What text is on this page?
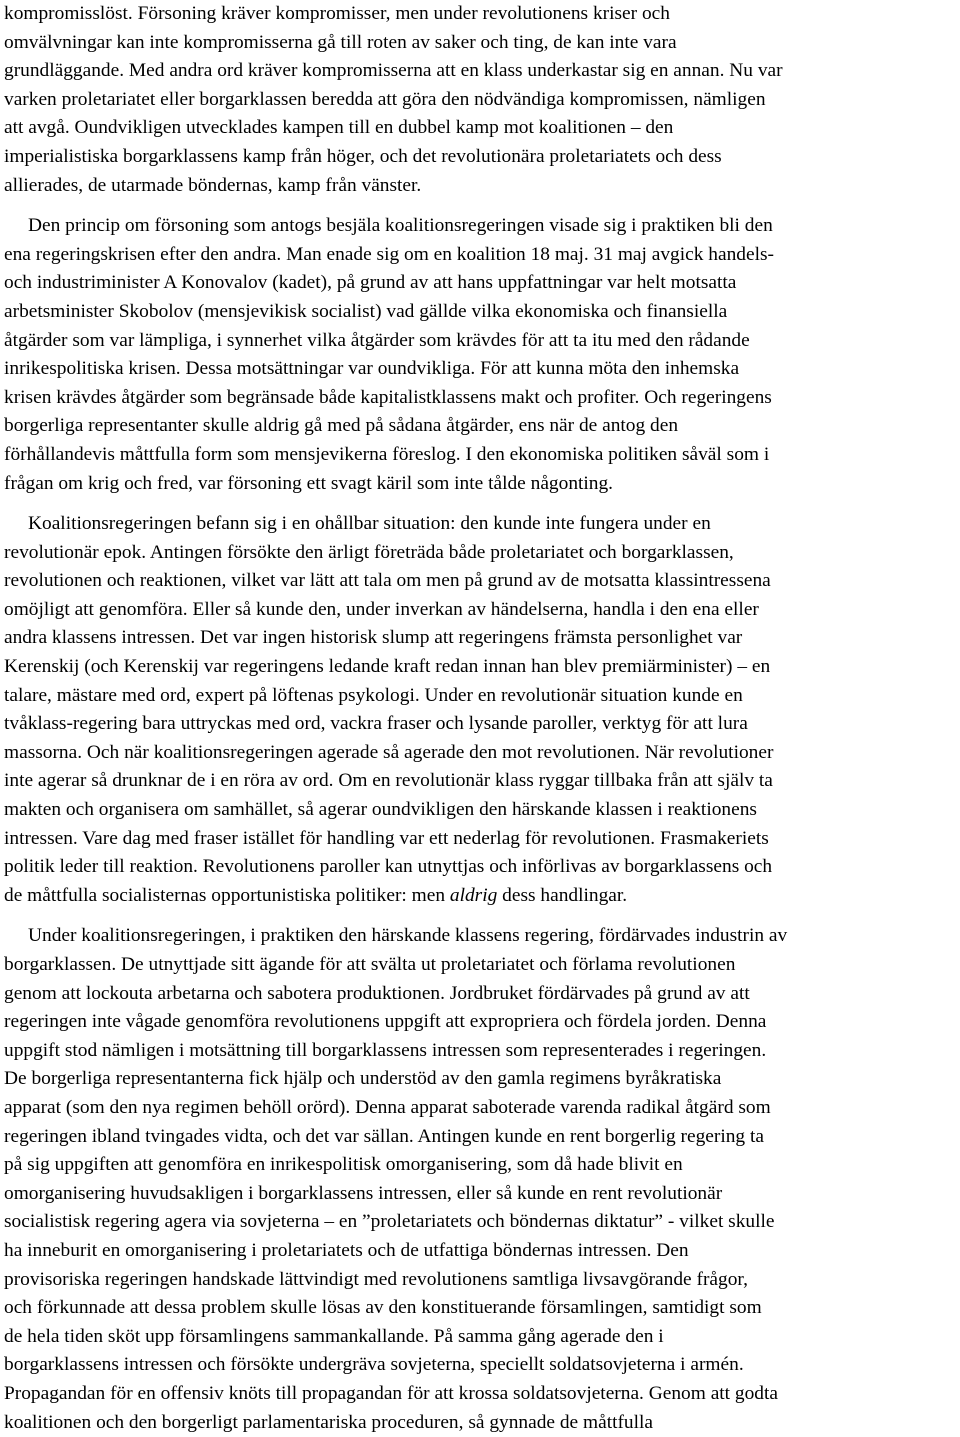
kompromisslöst. Försoning kräver kompromisser, men under revolutionens kriser och
omvälvningar kan inte kompromisserna gå till roten av saker och ting, de kan inte vara
grundläggande. Med andra ord kräver kompromisserna att en klass underkastar sig en annan. Nu var
varken proletariatet eller borgarklassen beredda att göra den nödvändiga kompromissen, nämligen
att avgå. Oundvikligen utvecklades kampen till en dubbel kamp mot koalitionen – den
imperialistiska borgarklassens kamp från höger, och det revolutionära proletariatets och dess
allierades, de utarmade böndernas, kamp från vänster.

Den princip om försoning som antogs besjäla koalitionsregeringen visade sig i praktiken bli den
ena regeringskrisen efter den andra. Man enade sig om en koalition 18 maj. 31 maj avgick handels-
och industriminister A Konovalov (kadet), på grund av att hans uppfattningar var helt motsatta
arbetsminister Skobolov (mensjevikisk socialist) vad gällde vilka ekonomiska och finansiella
åtgärder som var lämpliga, i synnerhet vilka åtgärder som krävdes för att ta itu med den rådande
inrikespolitiska krisen. Dessa motsättningar var oundvikliga. För att kunna möta den inhemska
krisen krävdes åtgärder som begränsade både kapitalistklassens makt och profiter. Och regeringens
borgerliga representanter skulle aldrig gå med på sådana åtgärder, ens när de antog den
förhållandevis måttfulla form som mensjevikerna föreslog. I den ekonomiska politiken såväl som i
frågan om krig och fred, var försoning ett svagt käril som inte tålde någonting.

Koalitionsregeringen befann sig i en ohållbar situation: den kunde inte fungera under en
revolutionär epok. Antingen försökte den ärligt företräda både proletariatet och borgarklassen,
revolutionen och reaktionen, vilket var lätt att tala om men på grund av de motsatta klassintressena
omöjligt att genomföra. Eller så kunde den, under inverkan av händelserna, handla i den ena eller
andra klassens intressen. Det var ingen historisk slump att regeringens främsta personlighet var
Kerenskij (och Kerenskij var regeringens ledande kraft redan innan han blev premiärminister) – en
talare, mästare med ord, expert på löftenas psykologi. Under en revolutionär situation kunde en
tvåklass-regering bara uttryckas med ord, vackra fraser och lysande paroller, verktyg för att lura
massorna. Och när koalitionsregeringen agerade så agerade den mot revolutionen. När revolutioner
inte agerar så drunknar de i en röra av ord. Om en revolutionär klass ryggar tillbaka från att själv ta
makten och organisera om samhället, så agerar oundvikligen den härskande klassen i reaktionens
intressen. Vare dag med fraser istället för handling var ett nederlag för revolutionen. Frasmakeriets
politik leder till reaktion. Revolutionens paroller kan utnyttjas och införlivas av borgarklassens och
de måttfulla socialisternas opportunistiska politiker: men aldrig dess handlingar.

Under koalitionsregeringen, i praktiken den härskande klassens regering, fördärvades industrin av
borgarklassen. De utnyttjade sitt ägande för att svälta ut proletariatet och förlama revolutionen
genom att lockouta arbetarna och sabotera produktionen. Jordbruket fördärvades på grund av att
regeringen inte vågade genomföra revolutionens uppgift att expropriera och fördela jorden. Denna
uppgift stod nämligen i motsättning till borgarklassens intressen som representerades i regeringen.
De borgerliga representanterna fick hjälp och understöd av den gamla regimens byråkratiska
apparat (som den nya regimen behöll orörd). Denna apparat saboterade varenda radikal åtgärd som
regeringen ibland tvingades vidta, och det var sällan. Antingen kunde en rent borgerlig regering ta
på sig uppgiften att genomföra en inrikespolitisk omorganisering, som då hade blivit en
omorganisering huvudsakligen i borgarklassens intressen, eller så kunde en rent revolutionär
socialistisk regering agera via sovjeterna – en ”proletariatets och böndernas diktatur” - vilket skulle
ha inneburit en omorganisering i proletariatets och de utfattiga böndernas intressen. Den
provisoriska regeringen handskade lättvindigt med revolutionens samtliga livsavgörande frågor,
och förkunnade att dessa problem skulle lösas av den konstituerande församlingen, samtidigt som
de hela tiden sköt upp församlingens sammankallande. På samma gång agerade den i
borgarklassens intressen och försökte undergräva sovjeterna, speciellt soldatsovjeterna i armén.
Propagandan för en offensiv knöts till propagandan för att krossa soldatsovjeterna. Genom att godta
koalitionen och den borgerligt parlamentariska proceduren, så gynnade de måttfulla
